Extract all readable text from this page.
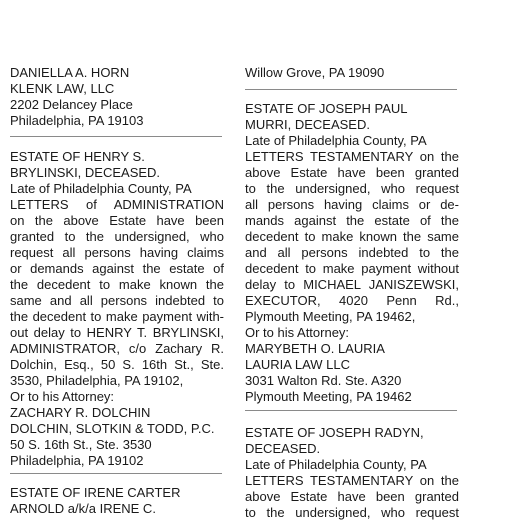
DANIELLA A. HORN
KLENK LAW, LLC
2202 Delancey Place
Philadelphia, PA 19103
ESTATE OF HENRY S.
BRYLINSKI, DECEASED.
Late of Philadelphia County, PA
LETTERS of ADMINISTRATION
on the above Estate have been
granted to the undersigned, who
request all persons having claims
or demands against the estate of
the decedent to make known the
same and all persons indebted to
the decedent to make payment with-
out delay to HENRY T. BRYLINSKI,
ADMINISTRATOR, c/o Zachary R.
Dolchin, Esq., 50 S. 16th St., Ste.
3530, Philadelphia, PA 19102,
Or to his Attorney:
ZACHARY R. DOLCHIN
DOLCHIN, SLOTKIN & TODD, P.C.
50 S. 16th St., Ste. 3530
Philadelphia, PA 19102
ESTATE OF IRENE CARTER
ARNOLD a/k/a IRENE C.
Willow Grove, PA 19090
ESTATE OF JOSEPH PAUL
MURRI, DECEASED.
Late of Philadelphia County, PA
LETTERS TESTAMENTARY on the
above Estate have been granted
to the undersigned, who request
all persons having claims or de-
mands against the estate of the
decedent to make known the same
and all persons indebted to the
decedent to make payment without
delay to MICHAEL JANISZEWSKI,
EXECUTOR, 4020 Penn Rd.,
Plymouth Meeting, PA 19462,
Or to his Attorney:
MARYBETH O. LAURIA
LAURIA LAW LLC
3031 Walton Rd. Ste. A320
Plymouth Meeting, PA 19462
ESTATE OF JOSEPH RADYN,
DECEASED.
Late of Philadelphia County, PA
LETTERS TESTAMENTARY on the
above Estate have been granted
to the undersigned, who request
